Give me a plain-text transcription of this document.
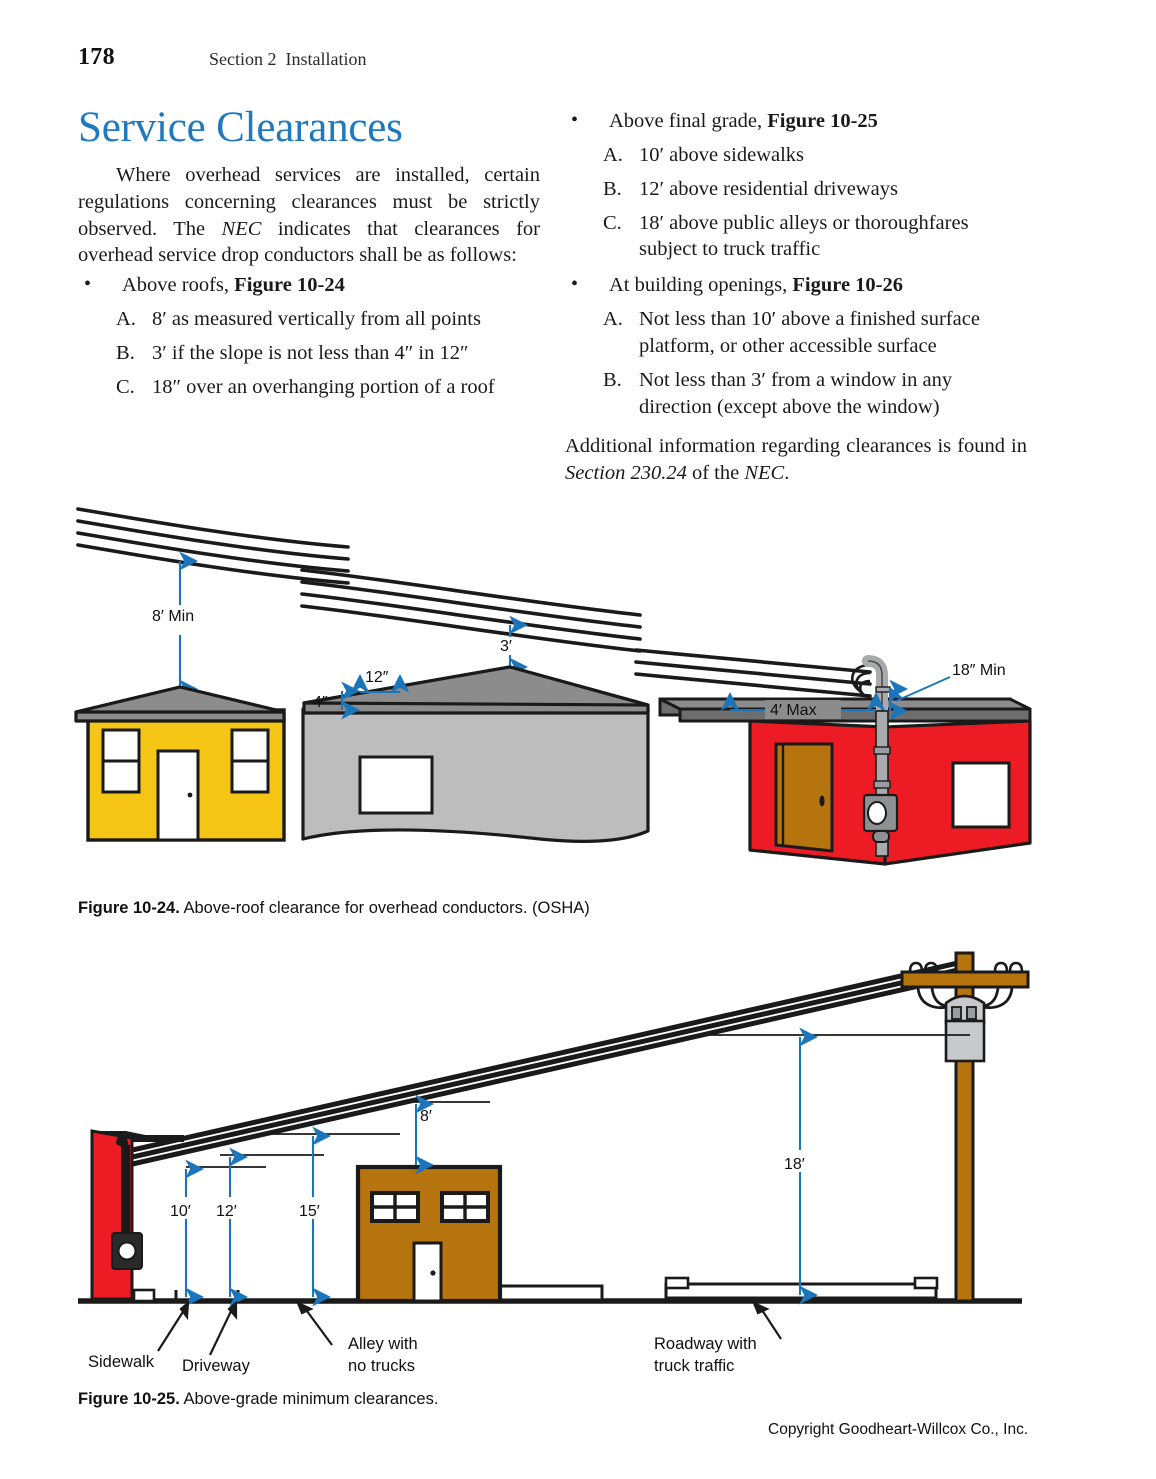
178	Section 2 Installation
Service Clearances

Where overhead services are installed, certain regulations concerning clearances must be strictly observed. The NEC indicates that clearances for overhead service drop conductors shall be as follows:

• Above roofs, Figure 10-24
A. 8′ as measured vertically from all points
B. 3′ if the slope is not less than 4″ in 12″
C. 18″ over an overhanging portion of a roof
• Above final grade, Figure 10-25
A. 10′ above sidewalks
B. 12′ above residential driveways
C. 18′ above public alleys or thoroughfares subject to truck traffic
• At building openings, Figure 10-26
A. Not less than 10′ above a finished surface platform, or other accessible surface
B. Not less than 3′ from a window in any direction (except above the window)

Additional information regarding clearances is found in Section 230.24 of the NEC.

8′ Min
3′
12″
4″
18″ Min
4′ Max
Figure 10-24. Above-roof clearance for overhead conductors. (OSHA)
10′ 12′	15′
8′
18′
Sidewalk Driveway
Alley with
no trucks
Roadway with
truck traffic
Figure 10-25. Above-grade minimum clearances.
Copyright Goodheart-Willcox Co., Inc.
